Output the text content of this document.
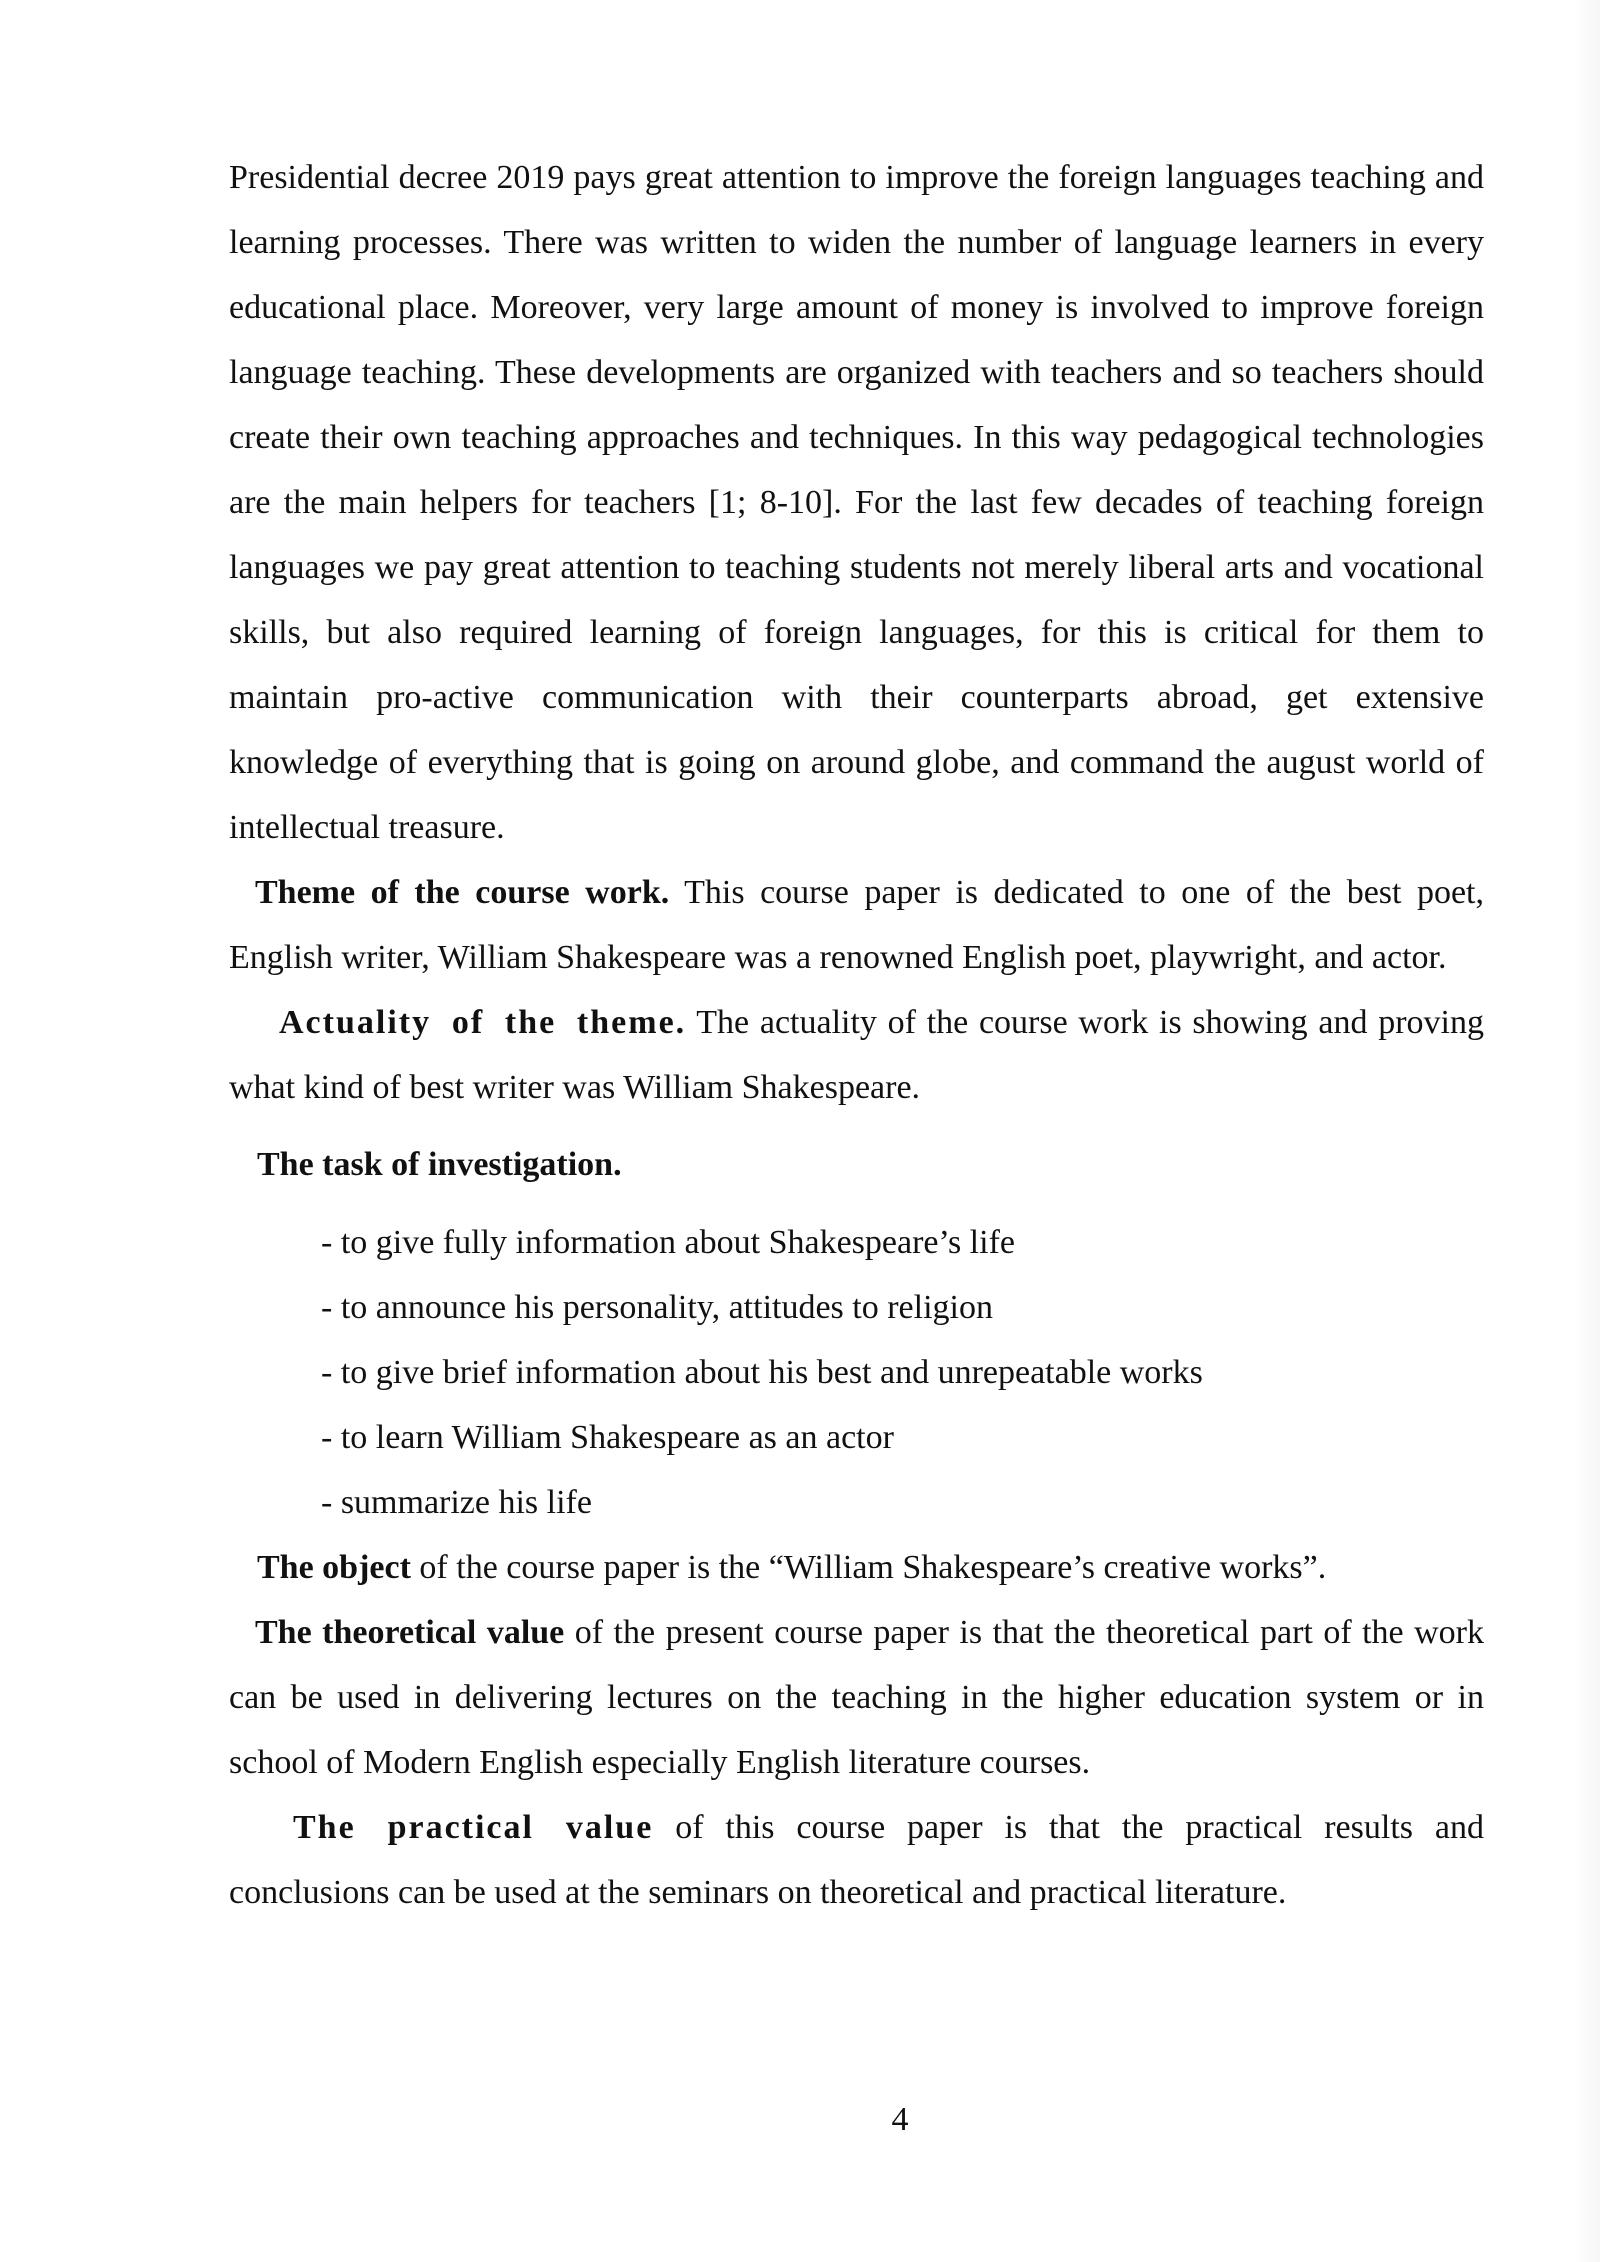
Presidential decree 2019 pays great attention to improve the foreign languages teaching and learning processes. There was written to widen the number of language learners in every educational place. Moreover, very large amount of money is involved to improve foreign language teaching. These developments are organized with teachers and so teachers should create their own teaching approaches and techniques. In this way pedagogical technologies are the main helpers for teachers [1; 8-10]. For the last few decades of teaching foreign languages we pay great attention to teaching students not merely liberal arts and vocational skills, but also required learning of foreign languages, for this is critical for them to maintain pro-active communication with their counterparts abroad, get extensive knowledge of everything that is going on around globe, and command the august world of intellectual treasure.

Theme of the course work. This course paper is dedicated to one of the best poet, English writer, William Shakespeare was a renowned English poet, playwright, and actor.

Actuality of the theme. The actuality of the course work is showing and proving what kind of best writer was William Shakespeare.

The task of investigation.

- to give fully information about Shakespeare’s life
- to announce his personality, attitudes to religion
- to give brief information about his best and unrepeatable works
- to learn William Shakespeare as an actor
- summarize his life

The object of the course paper is the “William Shakespeare’s creative works”.

The theoretical value of the present course paper is that the theoretical part of the work can be used in delivering lectures on the teaching in the higher education system or in school of Modern English especially English literature courses.

The practical value of this course paper is that the practical results and conclusions can be used at the seminars on theoretical and practical literature.

4
